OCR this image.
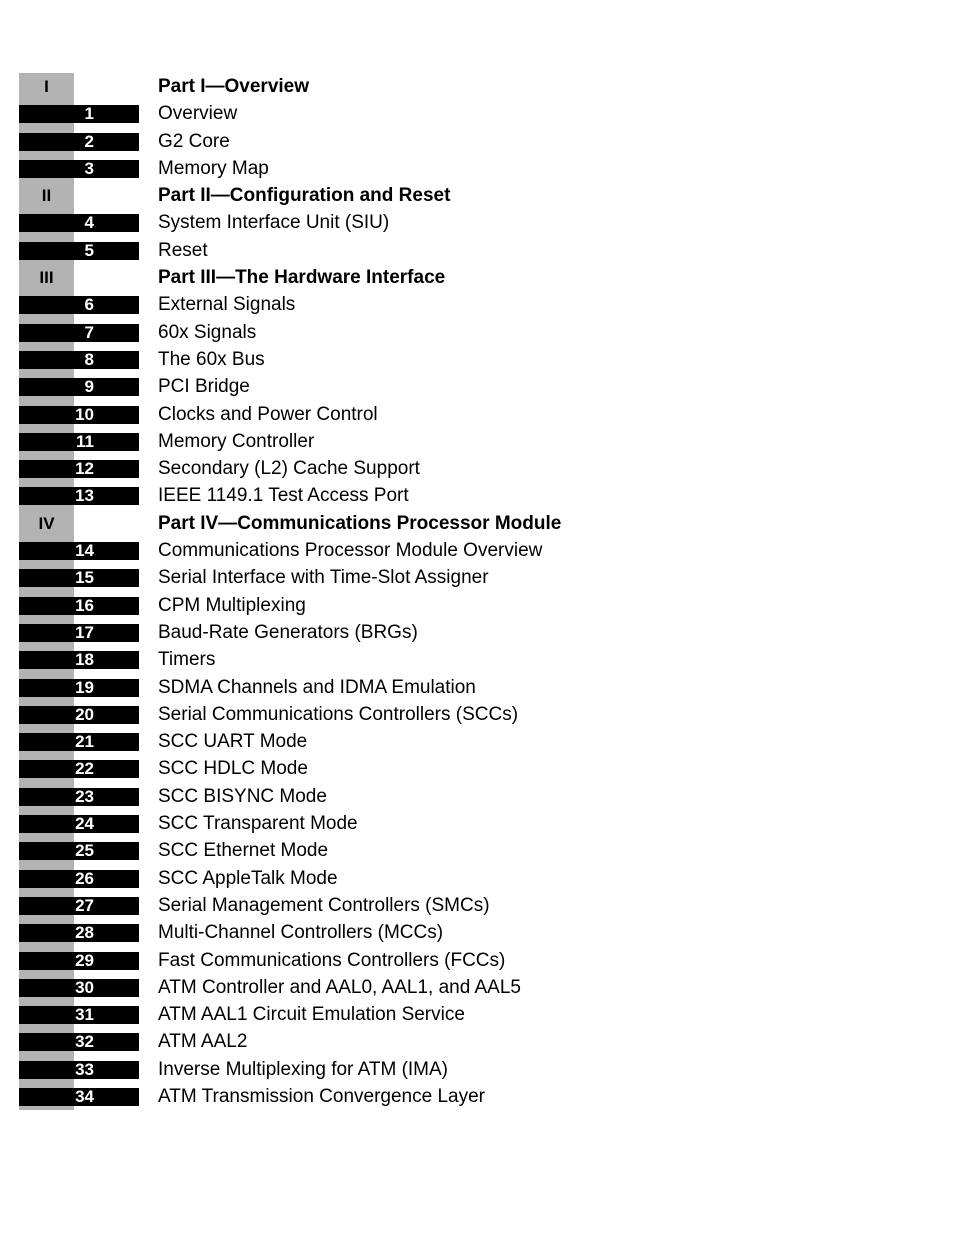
I	Part I—Overview
1	Overview
2	G2 Core
3	Memory Map
II	Part II—Configuration and Reset
4	System Interface Unit (SIU)
5	Reset
III	Part III—The Hardware Interface
6	External Signals
7	60x Signals
8	The 60x Bus
9	PCI Bridge
10	Clocks and Power Control
11	Memory Controller
12	Secondary (L2) Cache Support
13	IEEE 1149.1 Test Access Port
IV	Part IV—Communications Processor Module
14	Communications Processor Module Overview
15	Serial Interface with Time-Slot Assigner
16	CPM Multiplexing
17	Baud-Rate Generators (BRGs)
18	Timers
19	SDMA Channels and IDMA Emulation
20	Serial Communications Controllers (SCCs)
21	SCC UART Mode
22	SCC HDLC Mode
23	SCC BISYNC Mode
24	SCC Transparent Mode
25	SCC Ethernet Mode
26	SCC AppleTalk Mode
27	Serial Management Controllers (SMCs)
28	Multi-Channel Controllers (MCCs)
29	Fast Communications Controllers (FCCs)
30	ATM Controller and AAL0, AAL1, and AAL5
31	ATM AAL1 Circuit Emulation Service
32	ATM AAL2
33	Inverse Multiplexing for ATM (IMA)
34	ATM Transmission Convergence Layer
